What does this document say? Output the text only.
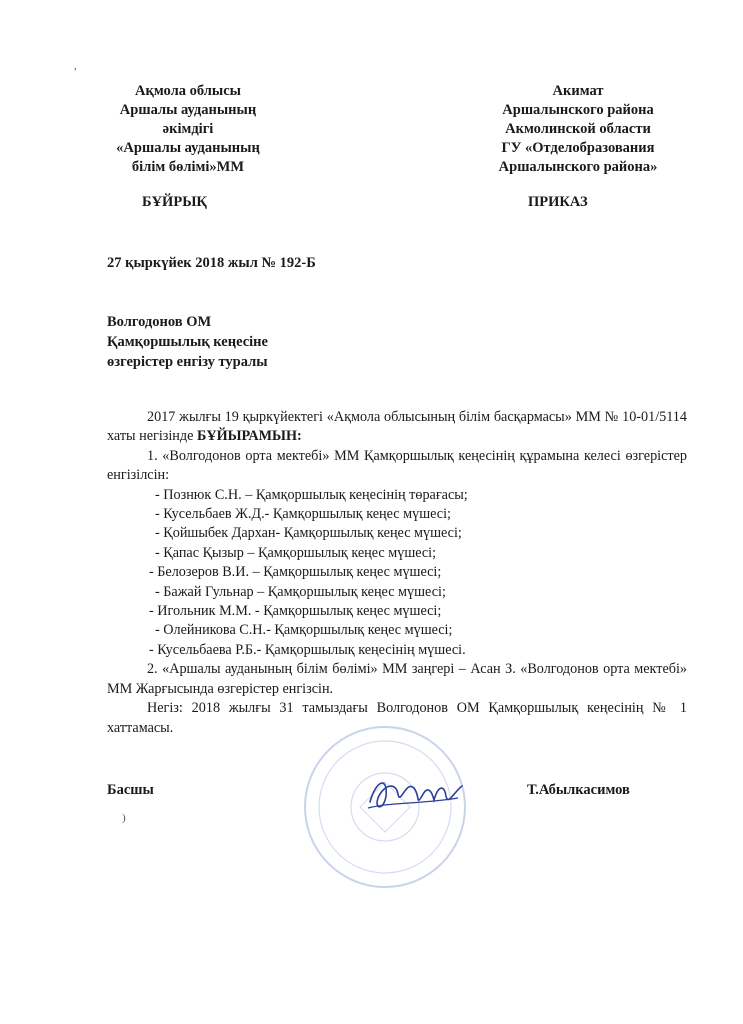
Ақмола облысы
Аршалы ауданының
әкімдігі
«Аршалы ауданының
білім бөлімі»ММ
Акимат
Аршалынского района
Акмолинской области
ГУ «Отделобразования
Аршалынского района»
БҰЙРЫҚ	ПРИКАЗ
27 қыркүйек 2018 жыл № 192-Б
Волгодонов ОМ
Қамқоршылық кеңесіне
өзгерістер енгізу туралы

2017 жылғы 19 қыркүйектегі «Ақмола облысының білім басқармасы» ММ № 10-01/5114 хаты негізінде БҰЙЫРАМЫН:

1. «Волгодонов орта мектебі» ММ Қамқоршылық кеңесінің құрамына келесі өзгерістер енгізілсін:

- Познюк С.Н. – Қамқоршылық кеңесінің төрағасы;

- Кусельбаев Ж.Д.- Қамқоршылық кеңес мүшесі;

- Қойшыбек Дархан- Қамқоршылық кеңес мүшесі;

- Қапас Қызыр – Қамқоршылық кеңес мүшесі;

- Белозеров В.И. – Қамқоршылық кеңес мүшесі;

- Бажай Гульнар – Қамқоршылық кеңес мүшесі;

- Игольник М.М. - Қамқоршылық кеңес мүшесі;

- Олейникова С.Н.- Қамқоршылық кеңес мүшесі;

- Кусельбаева Р.Б.- Қамқоршылық кеңесінің мүшесі.

2. «Аршалы ауданының білім бөлімі» ММ заңгері – Асан З. «Волгодонов орта мектебі» ММ Жарғысында өзгерістер енгізсін.

Негіз: 2018 жылғы 31 тамыздағы Волгодонов ОМ Қамқоршылық кеңесінің № 1 хаттамасы.

Басшы	Т.Абылкасимов
,
)
